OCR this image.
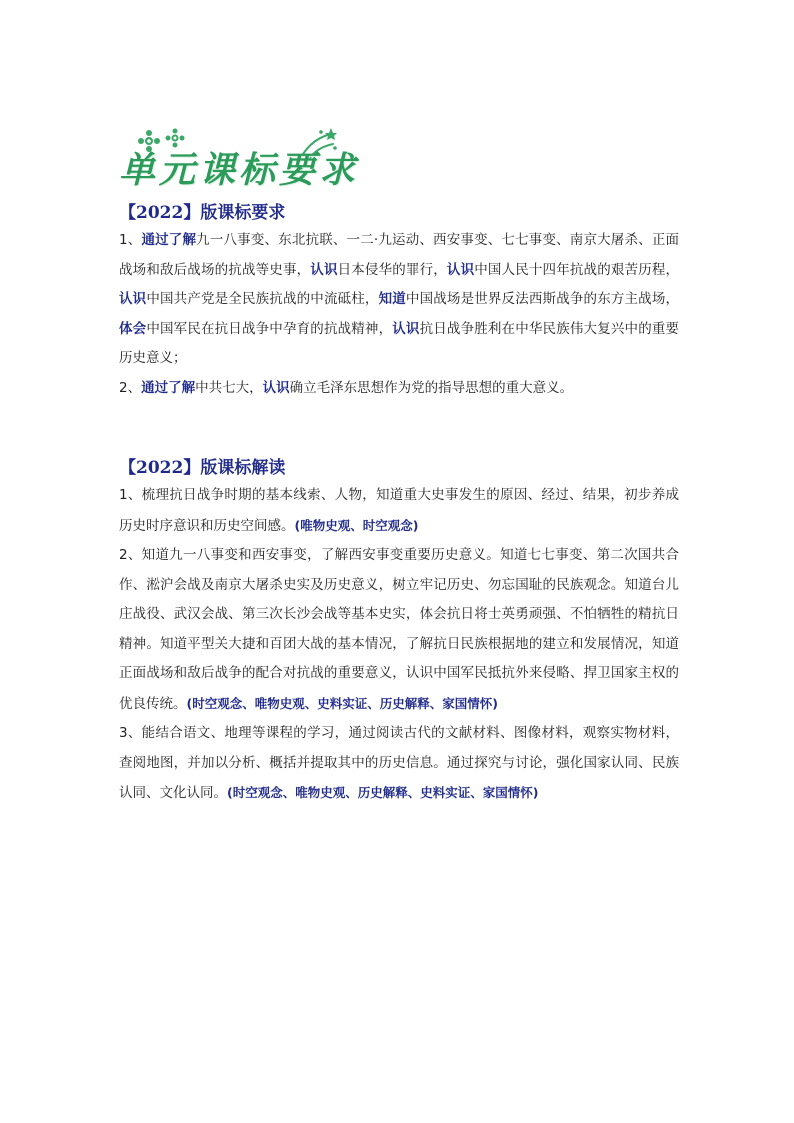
单元课标要求
【2022】版课标要求
1、通过了解九一八事变、东北抗联、一二·九运动、西安事变、七七事变、南京大屠杀、正面战场和敌后战场的抗战等史事，认识日本侵华的罪行，认识中国人民十四年抗战的艰苦历程，认识中国共产党是全民族抗战的中流砥柱，知道中国战场是世界反法西斯战争的东方主战场，体会中国军民在抗日战争中孕育的抗战精神，认识抗日战争胜利在中华民族伟大复兴中的重要历史意义；
2、通过了解中共七大，认识确立毛泽东思想作为党的指导思想的重大意义。
【2022】版课标解读
1、梳理抗日战争时期的基本线索、人物，知道重大史事发生的原因、经过、结果，初步养成历史时序意识和历史空间感。(唯物史观、时空观念)
2、知道九一八事变和西安事变，了解西安事变重要历史意义。知道七七事变、第二次国共合作、淞沪会战及南京大屠杀史实及历史意义，树立牢记历史、勿忘国耻的民族观念。知道台儿庄战役、武汉会战、第三次长沙会战等基本史实，体会抗日将士英勇顽强、不怕牺牲的精抗日精神。知道平型关大捷和百团大战的基本情况，了解抗日民族根据地的建立和发展情况，知道正面战场和敌后战争的配合对抗战的重要意义，认识中国军民抵抗外来侵略、捍卫国家主权的优良传统。(时空观念、唯物史观、史料实证、历史解释、家国情怀)
3、能结合语文、地理等课程的学习，通过阅读古代的文献材料、图像材料，观察实物材料，查阅地图，并加以分析、概括并提取其中的历史信息。通过探究与讨论，强化国家认同、民族认同、文化认同。(时空观念、唯物史观、历史解释、史料实证、家国情怀)
